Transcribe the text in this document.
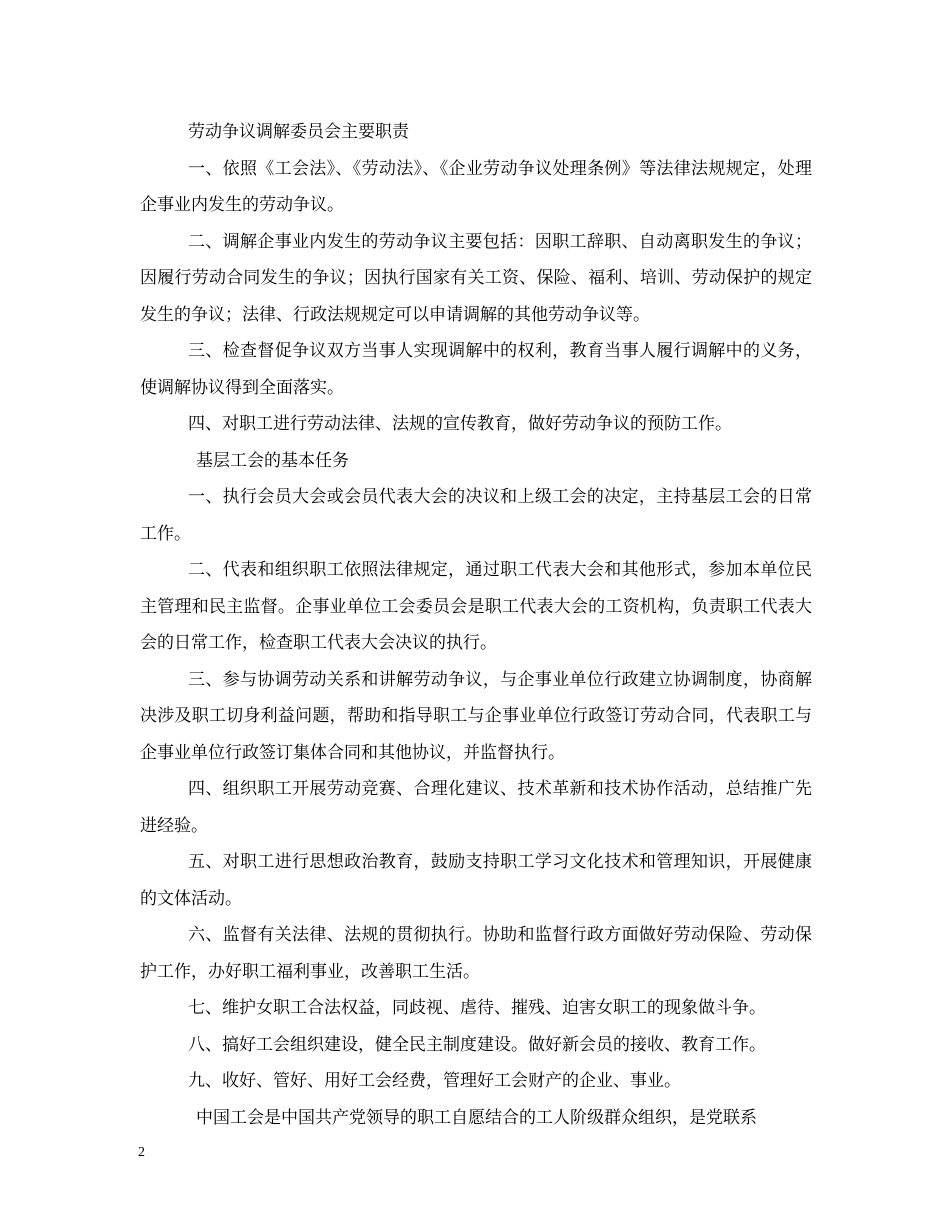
劳动争议调解委员会主要职责

一、依照《工会法》、《劳动法》、《企业劳动争议处理条例》等法律法规规定，处理企事业内发生的劳动争议。

二、调解企事业内发生的劳动争议主要包括：因职工辞职、自动离职发生的争议；因履行劳动合同发生的争议；因执行国家有关工资、保险、福利、培训、劳动保护的规定发生的争议；法律、行政法规规定可以申请调解的其他劳动争议等。

三、检查督促争议双方当事人实现调解中的权利，教育当事人履行调解中的义务，使调解协议得到全面落实。

四、对职工进行劳动法律、法规的宣传教育，做好劳动争议的预防工作。

基层工会的基本任务

一、执行会员大会或会员代表大会的决议和上级工会的决定，主持基层工会的日常工作。

二、代表和组织职工依照法律规定，通过职工代表大会和其他形式，参加本单位民主管理和民主监督。企事业单位工会委员会是职工代表大会的工资机构，负责职工代表大会的日常工作，检查职工代表大会决议的执行。

三、参与协调劳动关系和讲解劳动争议，与企事业单位行政建立协调制度，协商解决涉及职工切身利益问题，帮助和指导职工与企事业单位行政签订劳动合同，代表职工与企事业单位行政签订集体合同和其他协议，并监督执行。

四、组织职工开展劳动竞赛、合理化建议、技术革新和技术协作活动，总结推广先进经验。

五、对职工进行思想政治教育，鼓励支持职工学习文化技术和管理知识，开展健康的文体活动。

六、监督有关法律、法规的贯彻执行。协助和监督行政方面做好劳动保险、劳动保护工作，办好职工福利事业，改善职工生活。

七、维护女职工合法权益，同歧视、虐待、摧残、迫害女职工的现象做斗争。

八、搞好工会组织建设，健全民主制度建设。做好新会员的接收、教育工作。

九、收好、管好、用好工会经费，管理好工会财产的企业、事业。

中国工会是中国共产党领导的职工自愿结合的工人阶级群众组织，是党联系

2
